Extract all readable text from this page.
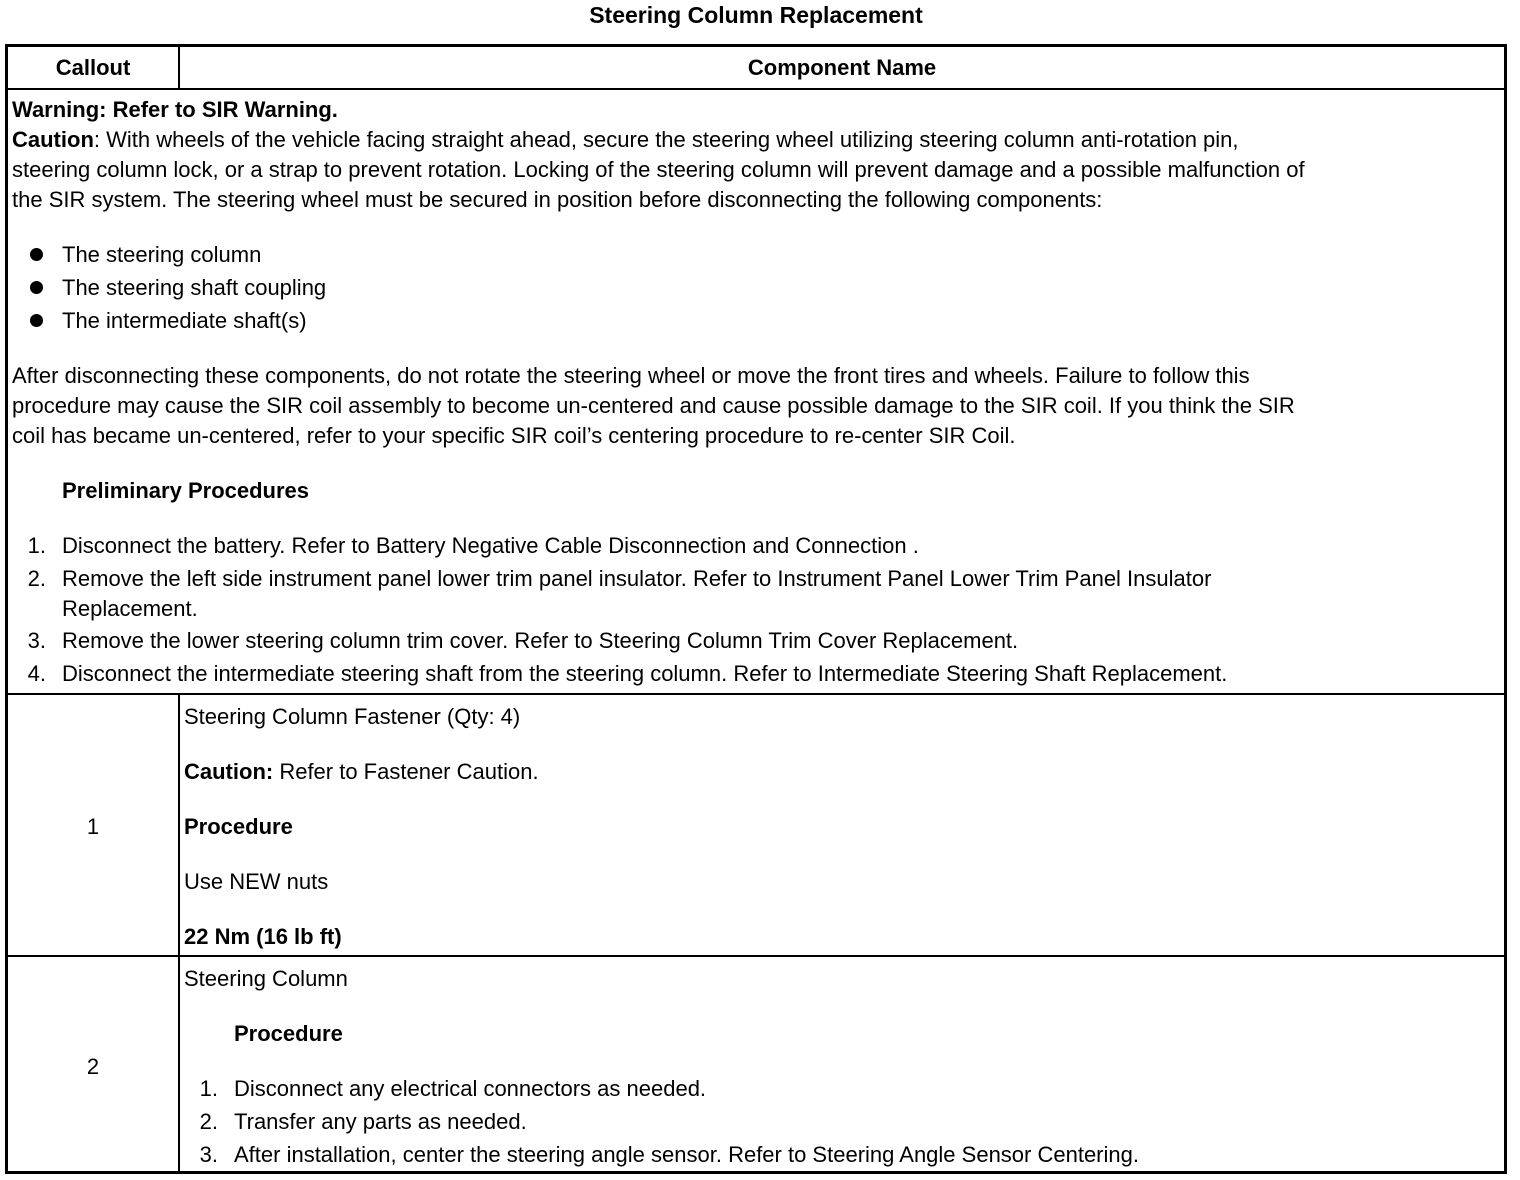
Steering Column Replacement
Callout	Component Name
Warning: Refer to SIR Warning.
Caution: With wheels of the vehicle facing straight ahead, secure the steering wheel utilizing steering column anti-rotation pin,
steering column lock, or a strap to prevent rotation. Locking of the steering column will prevent damage and a possible malfunction of
the SIR system. The steering wheel must be secured in position before disconnecting the following components:
The steering column
The steering shaft coupling
The intermediate shaft(s)
After disconnecting these components, do not rotate the steering wheel or move the front tires and wheels. Failure to follow this
procedure may cause the SIR coil assembly to become un-centered and cause possible damage to the SIR coil. If you think the SIR
coil has became un-centered, refer to your specific SIR coil’s centering procedure to re-center SIR Coil.
Preliminary Procedures
1. Disconnect the battery. Refer to Battery Negative Cable Disconnection and Connection .
2. Remove the left side instrument panel lower trim panel insulator. Refer to Instrument Panel Lower Trim Panel Insulator
Replacement.
3. Remove the lower steering column trim cover. Refer to Steering Column Trim Cover Replacement.
4. Disconnect the intermediate steering shaft from the steering column. Refer to Intermediate Steering Shaft Replacement.
1
Steering Column Fastener (Qty: 4)
Caution: Refer to Fastener Caution.
Procedure
Use NEW nuts
22 Nm (16 lb ft)
2
Steering Column
Procedure
1. Disconnect any electrical connectors as needed.
2. Transfer any parts as needed.
3. After installation, center the steering angle sensor. Refer to Steering Angle Sensor Centering.
